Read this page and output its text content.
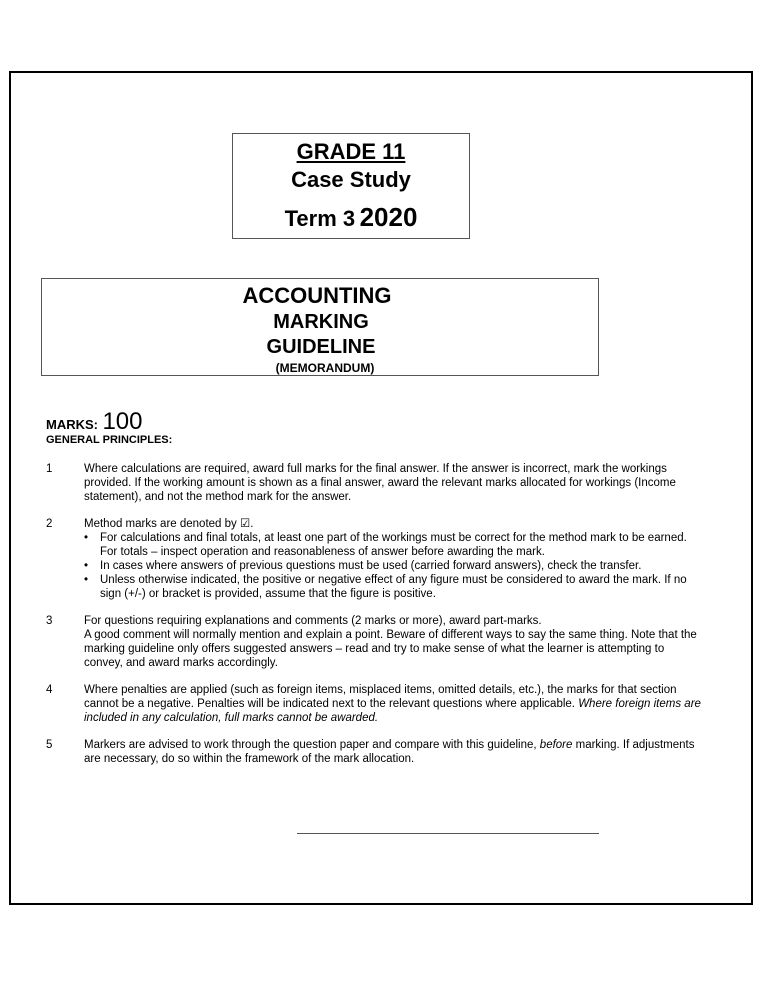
GRADE 11
Case Study
Term 3 2020
ACCOUNTING
MARKING
GUIDELINE
(MEMORANDUM)
MARKS: 100
GENERAL PRINCIPLES:
1	Where calculations are required, award full marks for the final answer. If the answer is incorrect, mark the workings provided. If the working amount is shown as a final answer, award the relevant marks allocated for workings (Income statement), and not the method mark for the answer.

2	Method marks are denoted by ☑.

• For calculations and final totals, at least one part of the workings must be correct for the method mark to be earned. For totals – inspect operation and reasonableness of answer before awarding the mark.
• In cases where answers of previous questions must be used (carried forward answers), check the transfer.
• Unless otherwise indicated, the positive or negative effect of any figure must be considered to award the mark. If no sign (+/-) or bracket is provided, assume that the figure is positive.
3	For questions requiring explanations and comments (2 marks or more), award part-marks.

A good comment will normally mention and explain a point. Beware of different ways to say the same thing. Note that the marking guideline only offers suggested answers – read and try to make sense of what the learner is attempting to convey, and award marks accordingly.

4	Where penalties are applied (such as foreign items, misplaced items, omitted details, etc.), the marks for that section cannot be a negative. Penalties will be indicated next to the relevant questions where applicable. Where foreign items are included in any calculation, full marks cannot be awarded.

5	Markers are advised to work through the question paper and compare with this guideline, before marking. If adjustments are necessary, do so within the framework of the mark allocation.
